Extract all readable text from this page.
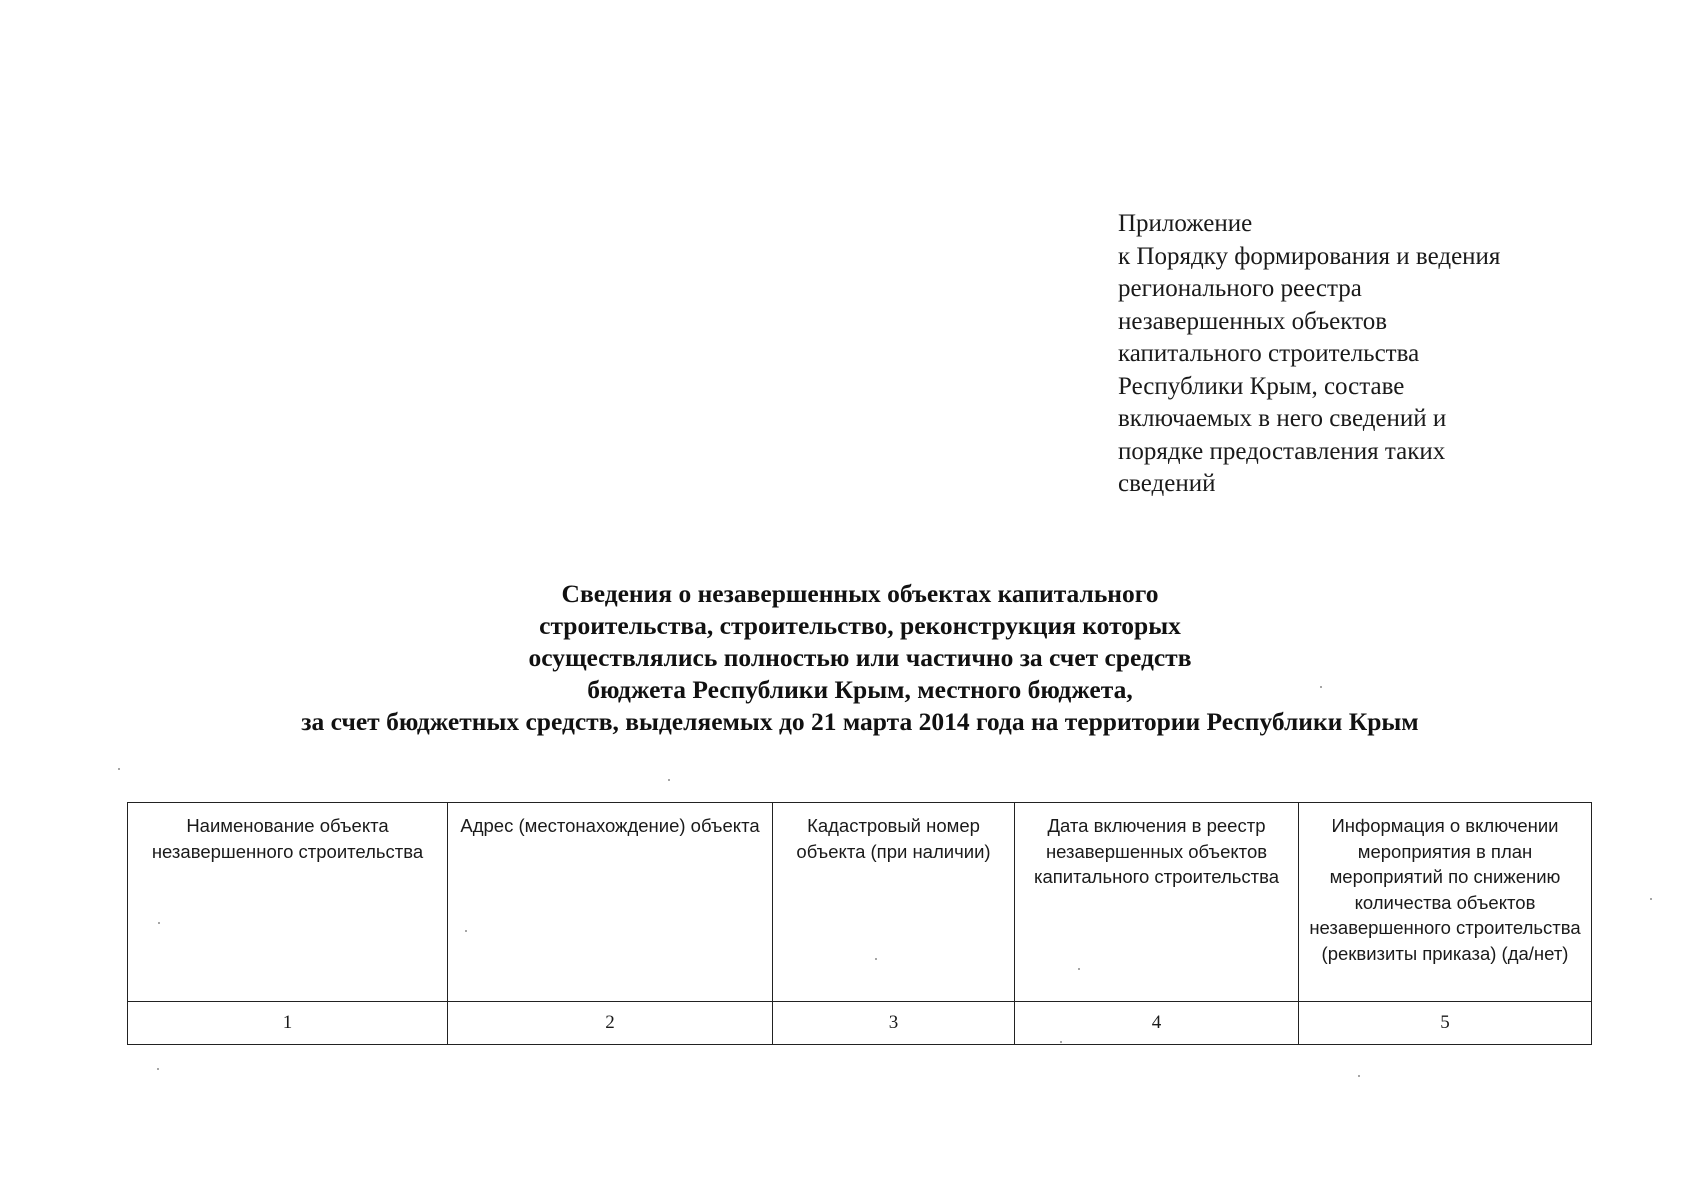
Приложение
к Порядку формирования и ведения
регионального реестра
незавершенных объектов
капитального строительства
Республики Крым, составе
включаемых в него сведений и
порядке предоставления таких
сведений
Сведения о незавершенных объектах капитального
строительства, строительство, реконструкция которых
осуществлялись полностью или частично за счет средств
бюджета Республики Крым, местного бюджета,
за счет бюджетных средств, выделяемых до 21 марта 2014 года на территории Республики Крым
Наименование объекта незавершенного строительства	Адрес (местонахождение) объекта	Кадастровый номер объекта (при наличии)	Дата включения в реестр незавершенных объектов капитального строительства	Информация о включении мероприятия в план мероприятий по снижению количества объектов незавершенного строительства (реквизиты приказа) (да/нет)
1	2	3	4	5
